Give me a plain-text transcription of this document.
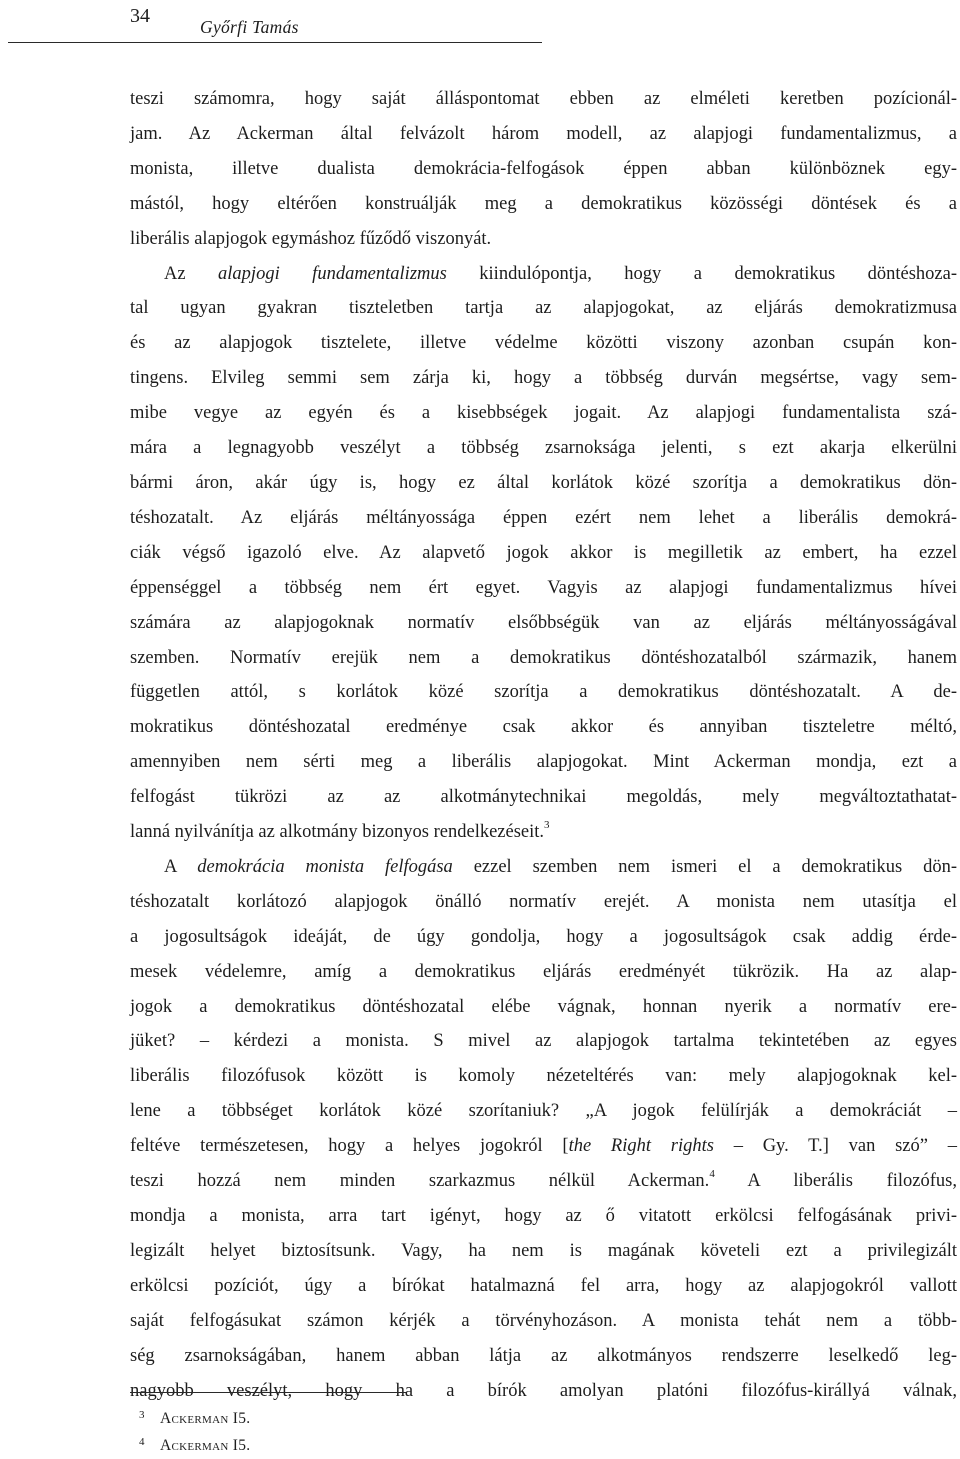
34	Győrfi Tamás
teszi számomra, hogy saját álláspontomat ebben az elméleti keretben pozícionál-
jam. Az Ackerman által felvázolt három modell, az alapjogi fundamentalizmus, a
monista, illetve dualista demokrácia-felfogások éppen abban különböznek egy-
mástól, hogy eltérően konstruálják meg a demokratikus közösségi döntések és a
liberális alapjogok egymáshoz fűződő viszonyát.
Az alapjogi fundamentalizmus kiindulópontja, hogy a demokratikus döntéshoza-
tal ugyan gyakran tiszteletben tartja az alapjogokat, az eljárás demokratizmusa
és az alapjogok tisztelete, illetve védelme közötti viszony azonban csupán kon-
tingens. Elvileg semmi sem zárja ki, hogy a többség durván megsértse, vagy sem-
mibe vegye az egyén és a kisebbségek jogait. Az alapjogi fundamentalista szá-
mára a legnagyobb veszélyt a többség zsarnoksága jelenti, s ezt akarja elkerülni
bármi áron, akár úgy is, hogy ez által korlátok közé szorítja a demokratikus dön-
téshozatalt. Az eljárás méltányossága éppen ezért nem lehet a liberális demokrá-
ciák végső igazoló elve. Az alapvető jogok akkor is megilletik az embert, ha ezzel
éppenséggel a többség nem ért egyet. Vagyis az alapjogi fundamentalizmus hívei
számára az alapjogoknak normatív elsőbbségük van az eljárás méltányosságával
szemben. Normatív erejük nem a demokratikus döntéshozatalból származik, hanem
független attól, s korlátok közé szorítja a demokratikus döntéshozatalt. A de-
mokratikus döntéshozatal eredménye csak akkor és annyiban tiszteletre méltó,
amennyiben nem sérti meg a liberális alapjogokat. Mint Ackerman mondja, ezt a
felfogást tükrözi az az alkotmánytechnikai megoldás, mely megváltoztathatat-
lanná nyilvánítja az alkotmány bizonyos rendelkezéseit.$^3$
A demokrácia monista felfogása ezzel szemben nem ismeri el a demokratikus dön-
téshozatalt korlátozó alapjogok önálló normatív erejét. A monista nem utasítja el
a jogosultságok ideáját, de úgy gondolja, hogy a jogosultságok csak addig érde-
mesek védelemre, amíg a demokratikus eljárás eredményét tükrözik. Ha az alap-
jogok a demokratikus döntéshozatal elébe vágnak, honnan nyerik a normatív ere-
jüket? – kérdezi a monista. S mivel az alapjogok tartalma tekintetében az egyes
liberális filozófusok között is komoly nézeteltérés van: mely alapjogoknak kel-
lene a többséget korlátok közé szorítaniuk? „A jogok felülírják a demokráciát –
feltéve természetesen, hogy a helyes jogokról [the Right rights – Gy. T.] van szó” –
teszi hozzá nem minden szarkazmus nélkül Ackerman.$^4$ A liberális filozófus,
mondja a monista, arra tart igényt, hogy az ő vitatott erkölcsi felfogásának privi-
legizált helyet biztosítsunk. Vagy, ha nem is magának követeli ezt a privilegizált
erkölcsi pozíciót, úgy a bírókat hatalmazná fel arra, hogy az alapjogokról vallott
saját felfogásukat számon kérjék a törvényhozáson. A monista tehát nem a több-
ség zsarnokságában, hanem abban látja az alkotmányos rendszerre leselkedő leg-
nagyobb veszélyt, hogy ha a bírók amolyan platóni filozófus-királlyá válnak,
3 Ackerman I5.
4 Ackerman I5.
